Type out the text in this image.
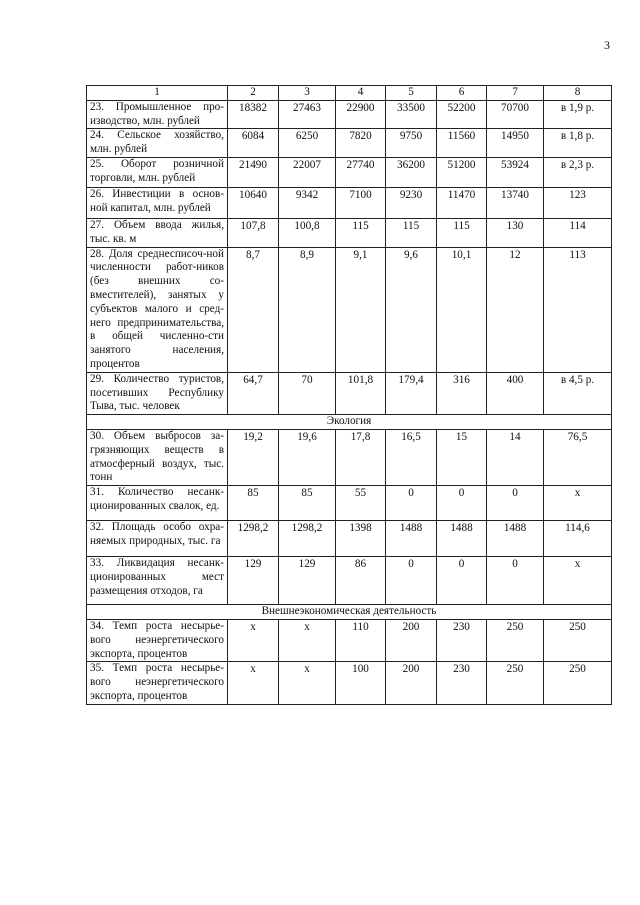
3
1	2	3	4	5	6	7	8
23. Промышленное про-изводство, млн. рублей	18382	27463	22900	33500	52200	70700	в 1,9 р.
24. Сельское хозяйство, млн. рублей	6084	6250	7820	9750	11560	14950	в 1,8 р.
25. Оборот розничной торговли, млн. рублей	21490	22007	27740	36200	51200	53924	в 2,3 р.
26. Инвестиции в основ-ной капитал, млн. рублей	10640	9342	7100	9230	11470	13740	123
27. Объем ввода жилья, тыс. кв. м	107,8	100,8	115	115	115	130	114
28. Доля среднесписоч-ной численности работ-ников (без внешних со-вместителей), занятых у субъектов малого и сред-него предпринимательства, в общей численно-сти занятого населения, процентов	8,7	8,9	9,1	9,6	10,1	12	113
29. Количество туристов, посетивших Республику Тыва, тыс. человек	64,7	70	101,8	179,4	316	400	в 4,5 р.
Экология							
30. Объем выбросов за-грязняющих веществ в атмосферный воздух, тыс. тонн	19,2	19,6	17,8	16,5	15	14	76,5
31. Количество несанк-ционированных свалок, ед.	85	85	55	0	0	0	х
32. Площадь особо охра-няемых природных, тыс. га	1298,2	1298,2	1398	1488	1488	1488	114,6
33. Ликвидация несанк-ционированных мест размещения отходов, га	129	129	86	0	0	0	х
Внешнеэкономическая деятельность							
34. Темп роста несырье-вого неэнергетического экспорта, процентов	х	х	110	200	230	250	250
35. Темп роста несырье-вого неэнергетического экспорта, процентов	х	х	100	200	230	250	250
